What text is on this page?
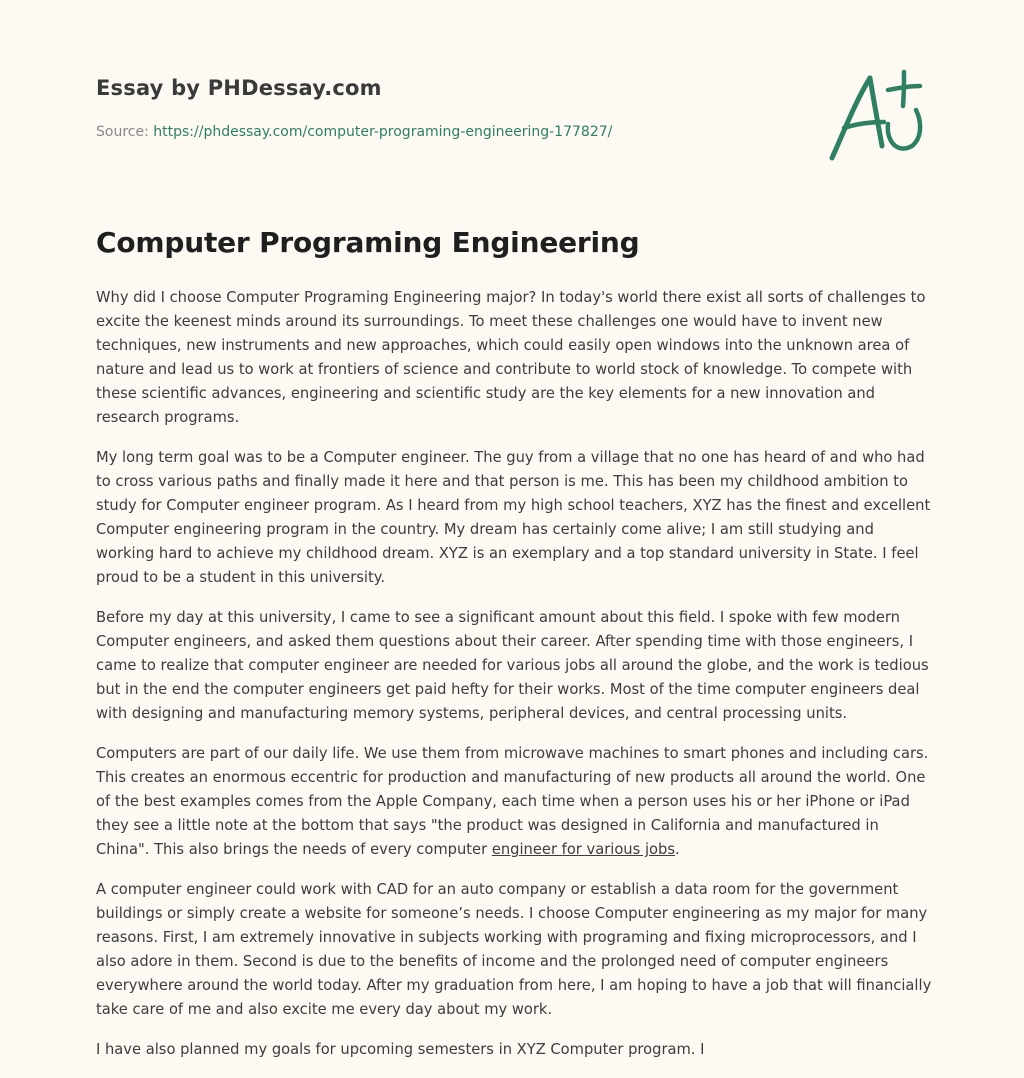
Essay by PHDessay.com
Source: https://phdessay.com/computer-programing-engineering-177827/
Computer Programing Engineering

Why did I choose Computer Programing Engineering major? In today's world there exist all sorts of challenges to excite the keenest minds around its surroundings. To meet these challenges one would have to invent new techniques, new instruments and new approaches, which could easily open windows into the unknown area of nature and lead us to work at frontiers of science and contribute to world stock of knowledge. To compete with these scientific advances, engineering and scientific study are the key elements for a new innovation and research programs.

My long term goal was to be a Computer engineer. The guy from a village that no one has heard of and who had to cross various paths and finally made it here and that person is me. This has been my childhood ambition to study for Computer engineer program. As I heard from my high school teachers, XYZ has the finest and excellent Computer engineering program in the country. My dream has certainly come alive; I am still studying and working hard to achieve my childhood dream. XYZ is an exemplary and a top standard university in State. I feel proud to be a student in this university.

Before my day at this university, I came to see a significant amount about this field. I spoke with few modern Computer engineers, and asked them questions about their career. After spending time with those engineers, I came to realize that computer engineer are needed for various jobs all around the globe, and the work is tedious but in the end the computer engineers get paid hefty for their works. Most of the time computer engineers deal with designing and manufacturing memory systems, peripheral devices, and central processing units.

Computers are part of our daily life. We use them from microwave machines to smart phones and including cars. This creates an enormous eccentric for production and manufacturing of new products all around the world. One of the best examples comes from the Apple Company, each time when a person uses his or her iPhone or iPad they see a little note at the bottom that says "the product was designed in California and manufactured in China". This also brings the needs of every computer engineer for various jobs.

A computer engineer could work with CAD for an auto company or establish a data room for the government buildings or simply create a website for someone’s needs. I choose Computer engineering as my major for many reasons. First, I am extremely innovative in subjects working with programing and fixing microprocessors, and I also adore in them. Second is due to the benefits of income and the prolonged need of computer engineers everywhere around the world today. After my graduation from here, I am hoping to have a job that will financially take care of me and also excite me every day about my work.

I have also planned my goals for upcoming semesters in XYZ Computer program. I
